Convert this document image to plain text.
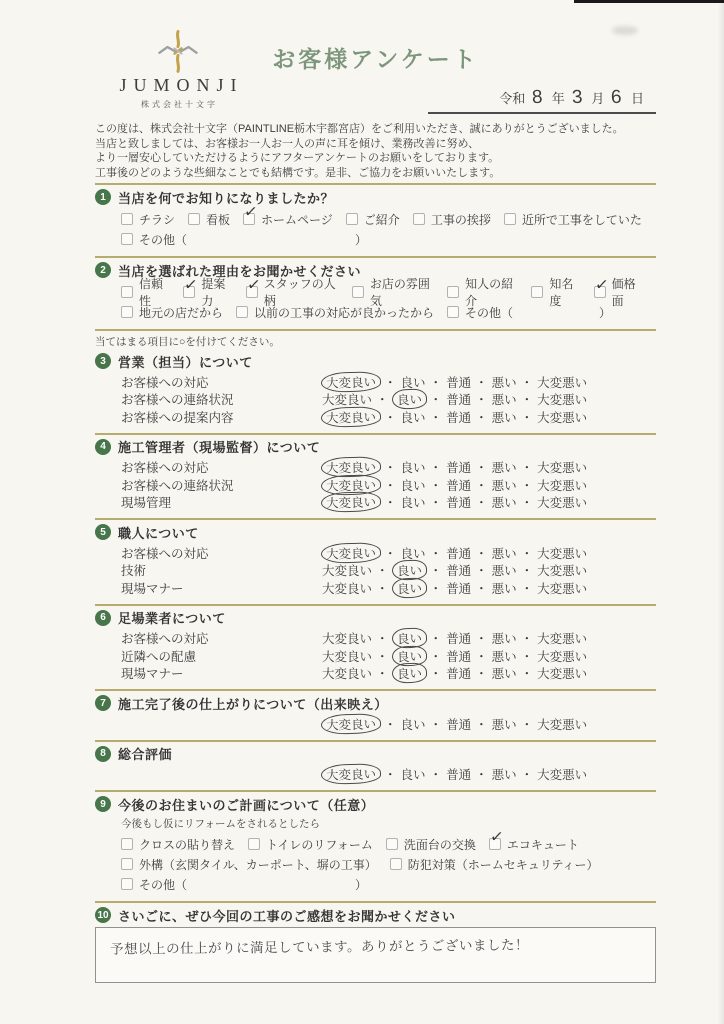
JUMONJI
株式会社十文字
お客様アンケート
令和 8 年 3 月 6 日

この度は、株式会社十文字（PAINTLINE栃木宇都宮店）をご利用いただき、誠にありがとうございました。

当店と致しましては、お客様お一人お一人の声に耳を傾け、業務改善に努め、

より一層安心していただけるようにアフターアンケートのお願いをしております。

工事後のどのような些細なことでも結構です。是非、ご協力をお願いいたします。

1 当店を何でお知りになりましたか？
チラシ	看板 ✓ ホームページ	ご紹介	工事の挨拶	近所で工事をしていた
その他（	）
2 当店を選ばれた理由をお聞かせください
信頼性
✓ 提案力
✓ スタッフの人柄
お店の雰囲気
知人の紹介
知名度
✓ 価格面
地元の店だから	以前の工事の対応が良かったから	その他（	）

当てはまる項目に○を付けてください。

3 営業（担当）について
お客様への対応	大変良い ・ 良い ・ 普通 ・ 悪い ・ 大変悪い
お客様への連絡状況	大変良い ・ 良い ・ 普通 ・ 悪い ・ 大変悪い
お客様への提案内容	大変良い ・ 良い ・ 普通 ・ 悪い ・ 大変悪い
4 施工管理者（現場監督）について
お客様への対応	大変良い ・ 良い ・ 普通 ・ 悪い ・ 大変悪い
お客様への連絡状況	大変良い ・ 良い ・ 普通 ・ 悪い ・ 大変悪い
現場管理	大変良い ・ 良い ・ 普通 ・ 悪い ・ 大変悪い
5 職人について
お客様への対応	大変良い ・ 良い ・ 普通 ・ 悪い ・ 大変悪い
技術	大変良い ・ 良い ・ 普通 ・ 悪い ・ 大変悪い
現場マナー	大変良い ・ 良い ・ 普通 ・ 悪い ・ 大変悪い
6 足場業者について
お客様への対応	大変良い ・ 良い ・ 普通 ・ 悪い ・ 大変悪い
近隣への配慮	大変良い ・ 良い ・ 普通 ・ 悪い ・ 大変悪い
現場マナー	大変良い ・ 良い ・ 普通 ・ 悪い ・ 大変悪い
7 施工完了後の仕上がりについて（出来映え）
大変良い ・ 良い ・ 普通 ・ 悪い ・ 大変悪い
8 総合評価
大変良い ・ 良い ・ 普通 ・ 悪い ・ 大変悪い
9 今後のお住まいのご計画について（任意）

今後もし仮にリフォームをされるとしたら

クロスの貼り替え	トイレのリフォーム	洗面台の交換 ✓ エコキュート
外構（玄関タイル、カーポート、塀の工事）	防犯対策（ホームセキュリティー）
その他（	）
10 さいごに、ぜひ今回の工事のご感想をお聞かせください
予想以上の仕上がりに満足しています。ありがとうございました！
